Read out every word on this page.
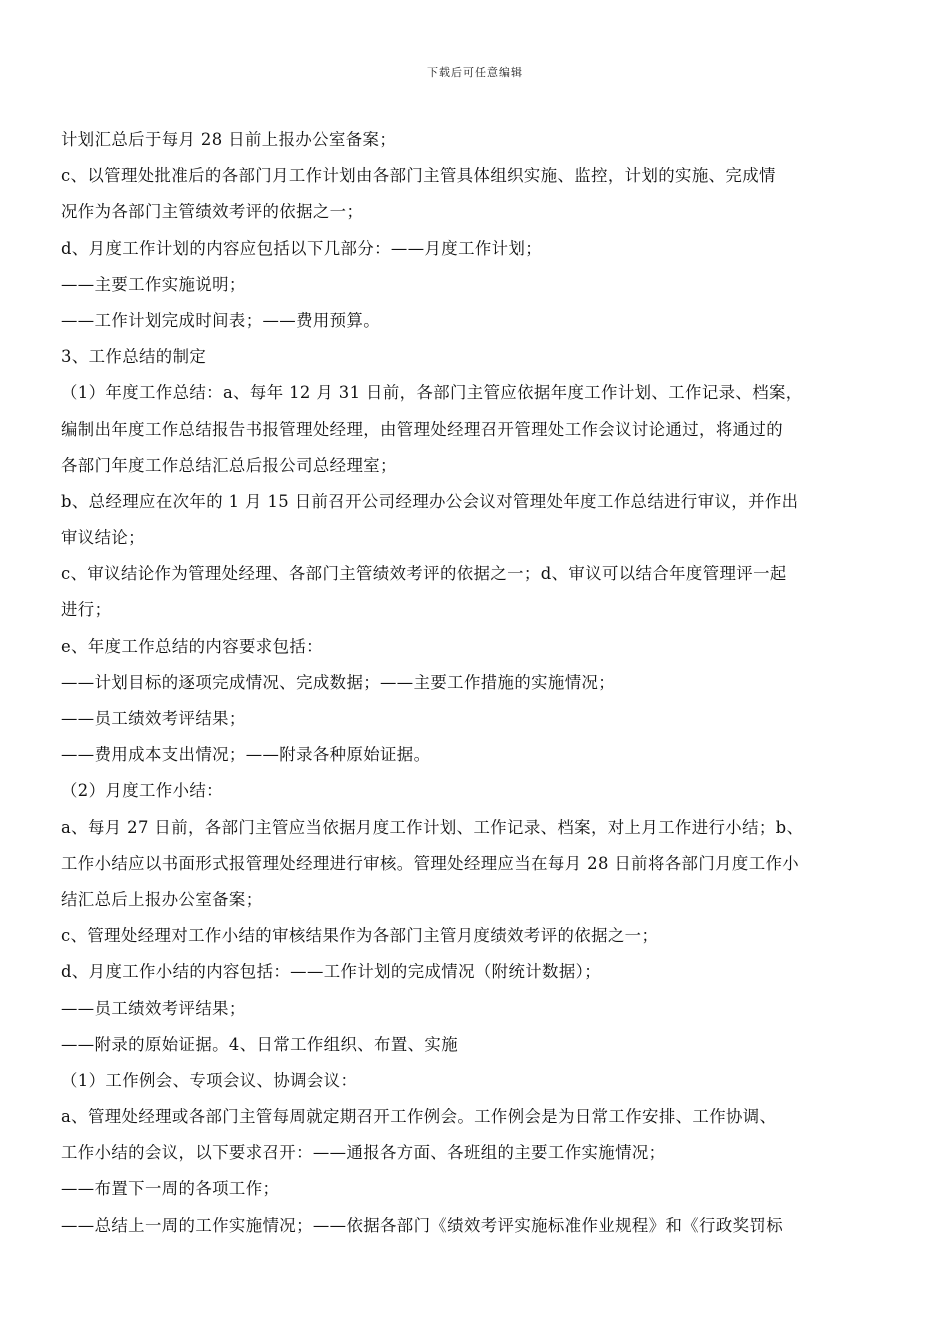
下载后可任意编辑
计划汇总后于每月 28 日前上报办公室备案；
c、以管理处批准后的各部门月工作计划由各部门主管具体组织实施、监控，计划的实施、完成情
况作为各部门主管绩效考评的依据之一；
d、月度工作计划的内容应包括以下几部分：——月度工作计划；
——主要工作实施说明；
——工作计划完成时间表；——费用预算。
3、工作总结的制定
（1）年度工作总结：a、每年 12 月 31 日前，各部门主管应依据年度工作计划、工作记录、档案，
编制出年度工作总结报告书报管理处经理，由管理处经理召开管理处工作会议讨论通过，将通过的
各部门年度工作总结汇总后报公司总经理室；
b、总经理应在次年的 1 月 15 日前召开公司经理办公会议对管理处年度工作总结进行审议，并作出
审议结论；
c、审议结论作为管理处经理、各部门主管绩效考评的依据之一；d、审议可以结合年度管理评一起
进行；
e、年度工作总结的内容要求包括：
——计划目标的逐项完成情况、完成数据；——主要工作措施的实施情况；
——员工绩效考评结果；
——费用成本支出情况；——附录各种原始证据。
（2）月度工作小结：
a、每月 27 日前，各部门主管应当依据月度工作计划、工作记录、档案，对上月工作进行小结；b、
工作小结应以书面形式报管理处经理进行审核。管理处经理应当在每月 28 日前将各部门月度工作小
结汇总后上报办公室备案；
c、管理处经理对工作小结的审核结果作为各部门主管月度绩效考评的依据之一；
d、月度工作小结的内容包括：——工作计划的完成情况（附统计数据）；
——员工绩效考评结果；
——附录的原始证据。4、日常工作组织、布置、实施
（1）工作例会、专项会议、协调会议：
a、管理处经理或各部门主管每周就定期召开工作例会。工作例会是为日常工作安排、工作协调、
工作小结的会议，以下要求召开：——通报各方面、各班组的主要工作实施情况；
——布置下一周的各项工作；
——总结上一周的工作实施情况；——依据各部门《绩效考评实施标准作业规程》和《行政奖罚标
